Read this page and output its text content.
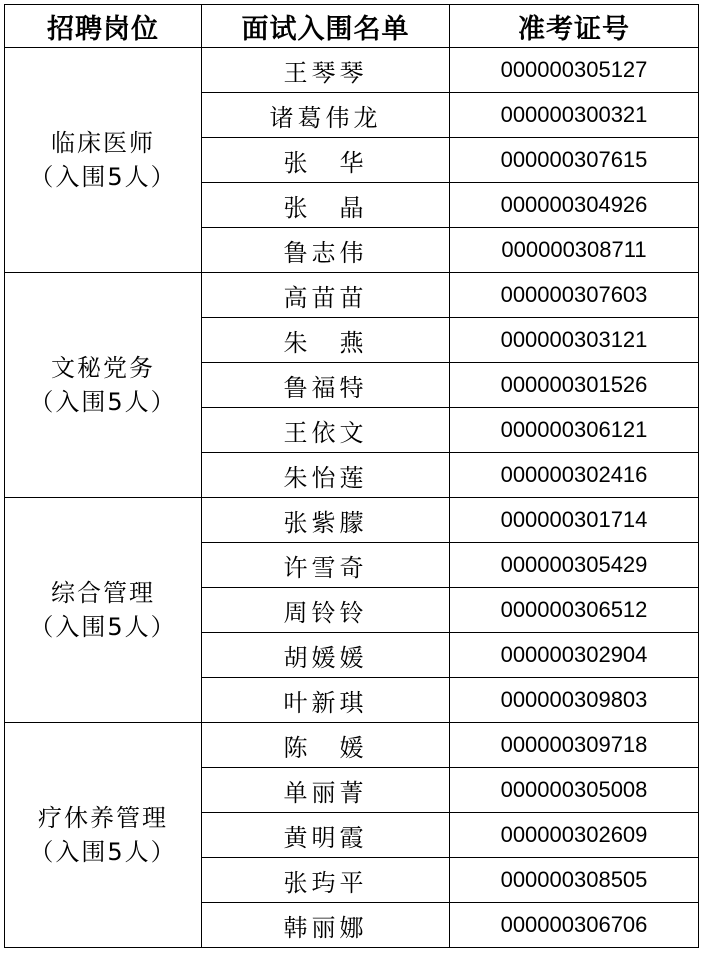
招聘岗位	面试入围名单	准考证号

临床医师
（入围5人）	王琴琴	000000305127
	诸葛伟龙	000000300321
	张　华	000000307615
	张　晶	000000304926
	鲁志伟	000000308711

文秘党务
（入围5人）	高苗苗	000000307603
	朱　燕	000000303121
	鲁福特	000000301526
	王依文	000000306121
	朱怡莲	000000302416

综合管理
（入围5人）	张紫朦	000000301714
	许雪奇	000000305429
	周铃铃	000000306512
	胡媛媛	000000302904
	叶新琪	000000309803

疗休养管理
（入围5人）	陈　媛	000000309718
	单丽菁	000000305008
	黄明霞	000000302609
	张玙平	000000308505
	韩丽娜	000000306706
